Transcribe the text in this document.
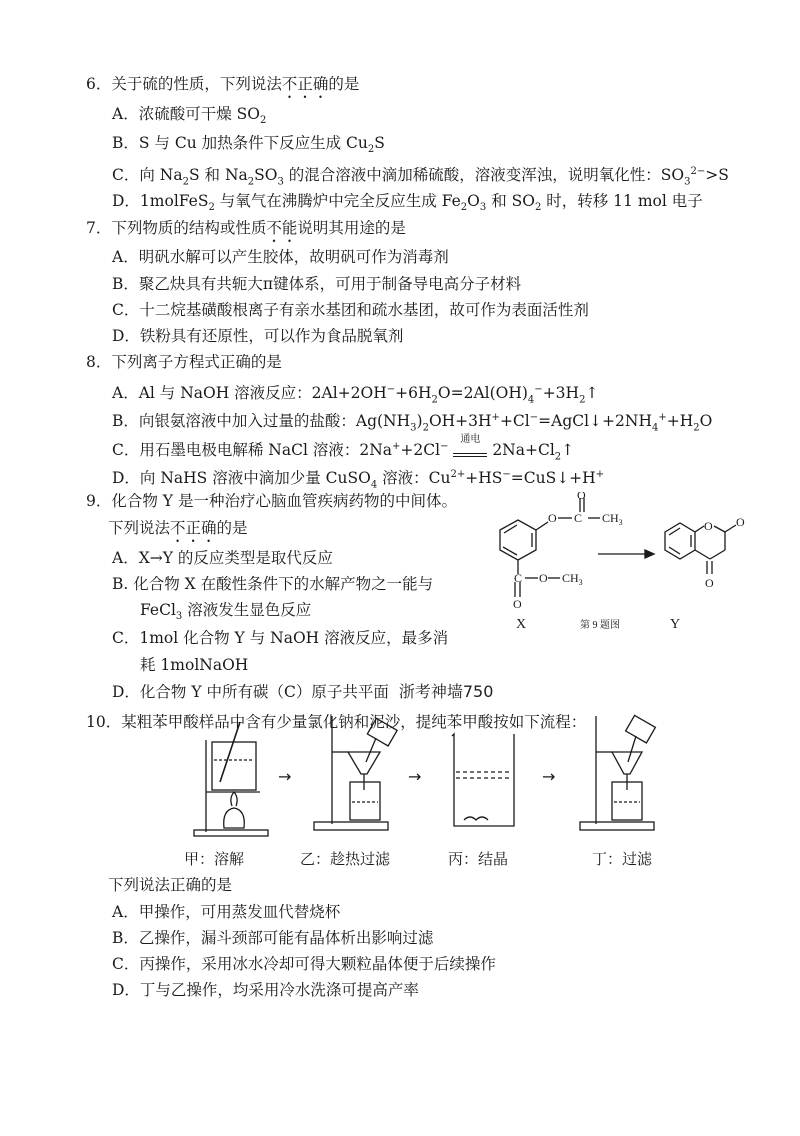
6．关于硫的性质，下列说法不正确的是
A．浓硫酸可干燥 $SO_2$
B．S 与 Cu 加热条件下反应生成 $Cu_2S$
C．向 $Na_2S$ 和 $Na_2SO_3$ 的混合溶液中滴加稀硫酸，溶液变浑浊，说明氧化性：$SO_3^{2-}>S$
D．1molFeS$_2$ 与氧气在沸腾炉中完全反应生成 $Fe_2O_3$ 和 $SO_2$ 时，转移 11 mol 电子
7．下列物质的结构或性质不能说明其用途的是
A．明矾水解可以产生胶体，故明矾可作为消毒剂
B．聚乙炔具有共轭大π键体系，可用于制备导电高分子材料
C．十二烷基磺酸根离子有亲水基团和疏水基团，故可作为表面活性剂
D．铁粉具有还原性，可以作为食品脱氧剂
8．下列离子方程式正确的是
A．Al 与 NaOH 溶液反应：$2Al+2OH^-+6H_2O=2Al(OH)_4^-+3H_2↑$
B．向银氨溶液中加入过量的盐酸：$Ag(NH_3)_2OH+3H^++Cl^-=AgCl↓+2NH_4^++H_2O$
C．用石墨电极电解稀 NaCl 溶液：2Na++2Cl−
通电
$2Na+Cl_2↑$
D．向 NaHS 溶液中滴加少量 CuSO$_4$ 溶液：$Cu^{2+}+HS^-=CuS↓+H^+$
9．化合物 Y 是一种治疗心脑血管疾病药物的中间体。
下列说法不正确的是
A．X→Y 的反应类型是取代反应
B. 化合物 X 在酸性条件下的水解产物之一能与
FeCl$_3$ 溶液发生显色反应
C．1mol 化合物 Y 与 NaOH 溶液反应，最多消
耗 1molNaOH
D．化合物 Y 中所有碳（C）原子共平面 浙考神墙750
O C
O
$CH_3$
C
O
O $CH_3$
O O
O
X	Y
第 9 题图
10．某粗苯甲酸样品中含有少量氯化钠和泥沙，提纯苯甲酸按如下流程：
→	→	→
甲：溶解	乙：趁热过滤	丙：结晶	丁：过滤
下列说法正确的是
A．甲操作，可用蒸发皿代替烧杯
B．乙操作，漏斗颈部可能有晶体析出影响过滤
C．丙操作，采用冰水冷却可得大颗粒晶体便于后续操作
D．丁与乙操作，均采用冷水洗涤可提高产率
